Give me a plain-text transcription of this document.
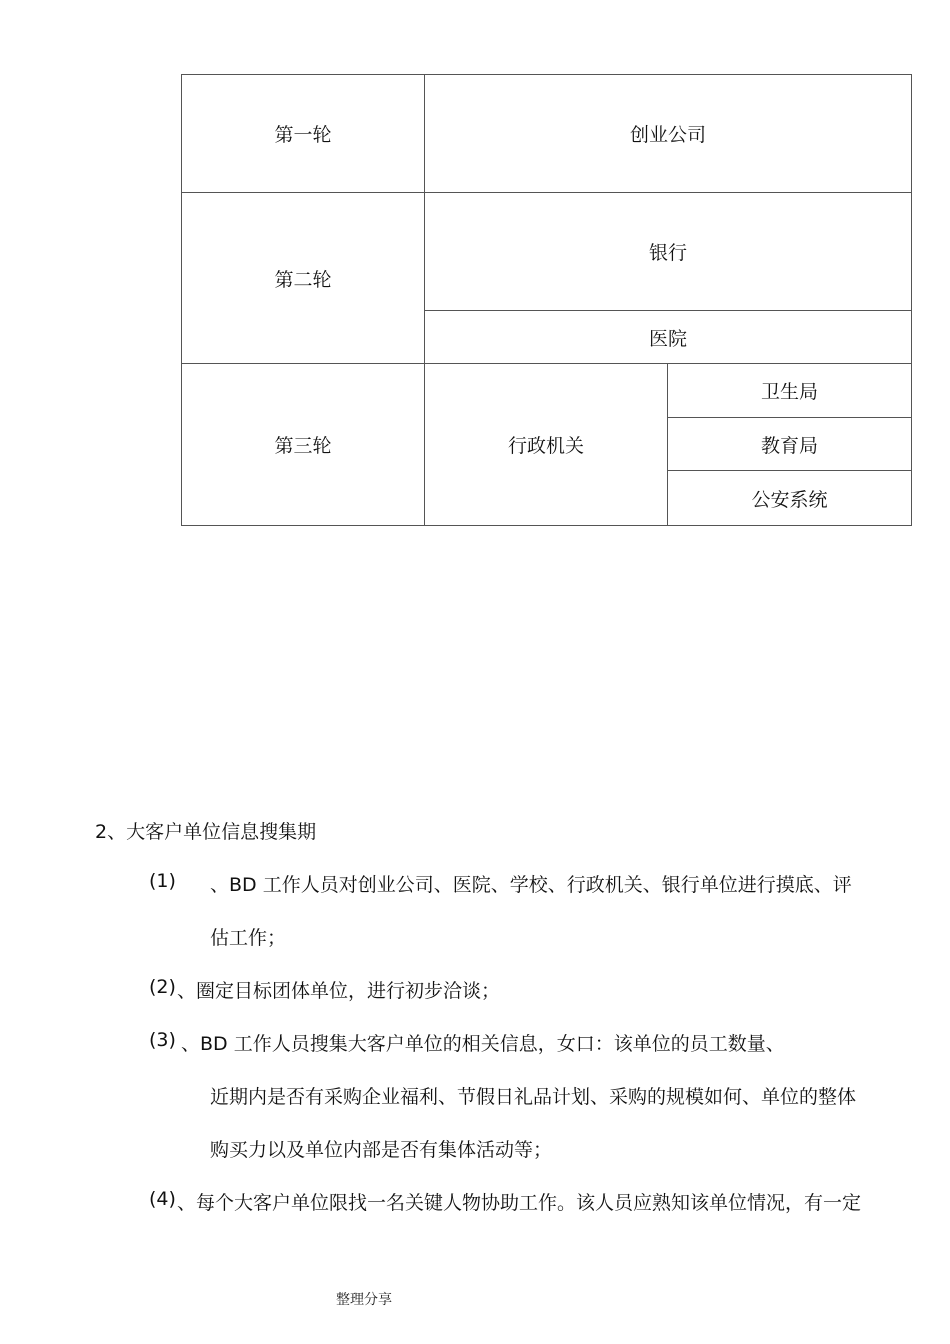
第一轮
第二轮
第三轮
创业公司
银行
医院
行政机关
卫生局
教育局
公安系统
2、大客户单位信息搜集期
(1) 、BD 工作人员对创业公司、医院、学校、行政机关、银行单位进行摸底、评
估工作；
(2) 、圈定目标团体单位，进行初步洽谈；
(3) 、BD 工作人员搜集大客户单位的相关信息，女口：该单位的员工数量、
近期内是否有采购企业福利、节假日礼品计划、采购的规模如何、单位的整体
购买力以及单位内部是否有集体活动等；
(4) 、每个大客户单位限找一名关键人物协助工作。该人员应熟知该单位情况，有一定
整理分享
